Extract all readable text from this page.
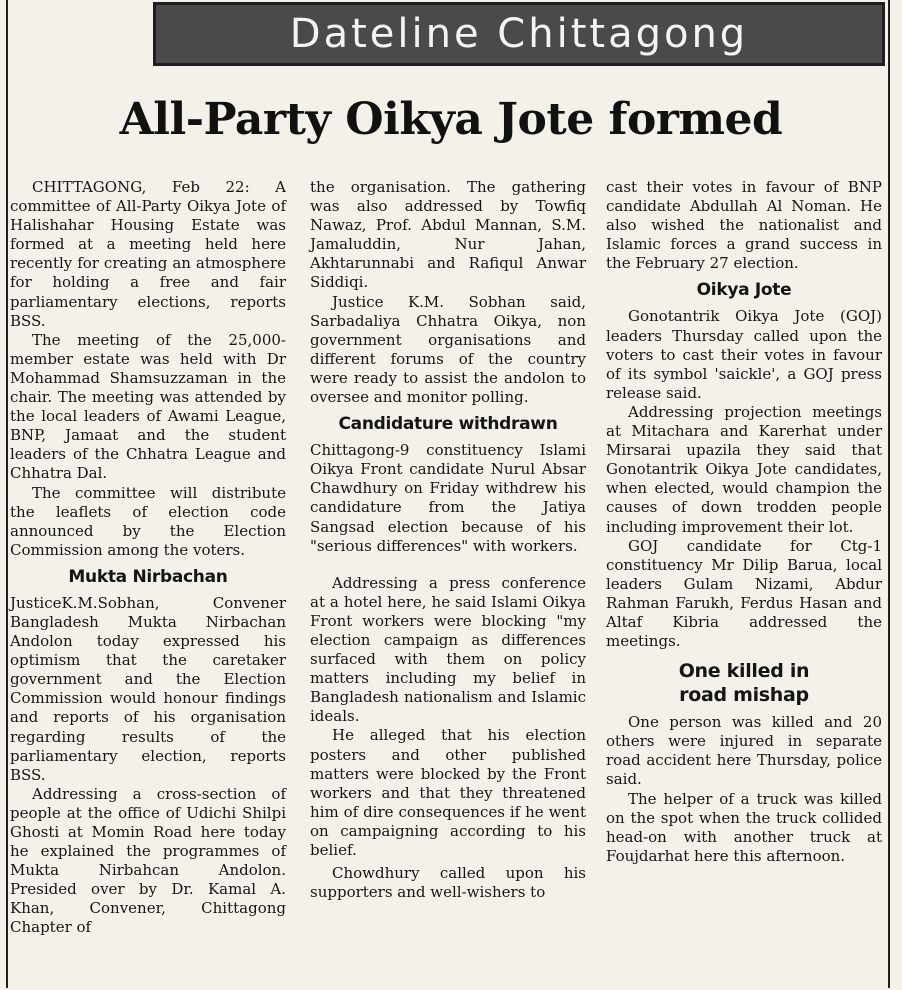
Dateline Chittagong
All-Party Oikya Jote formed

CHITTAGONG, Feb 22: A committee of All-Party Oikya Jote of Halishahar Housing Estate was formed at a meeting held here recently for creating an atmosphere for holding a free and fair parliamentary elections, reports BSS.

The meeting of the 25,000-member estate was held with Dr Mohammad Shamsuzzaman in the chair. The meeting was attended by the local leaders of Awami League, BNP, Jamaat and the student leaders of the Chhatra League and Chhatra Dal.

The committee will distribute the leaflets of election code announced by the Election Commission among the voters.

Mukta Nirbachan

JusticeK.M.Sobhan, Convener Bangladesh Mukta Nirbachan Andolon today expressed his optimism that the caretaker government and the Election Commission would honour findings and reports of his organisation regarding results of the parliamentary election, reports BSS.

Addressing a cross-section of people at the office of Udichi Shilpi Ghosti at Momin Road here today he explained the programmes of Mukta Nirbahcan Andolon. Presided over by Dr. Kamal A. Khan, Convener, Chittagong Chapter of

the organisation. The gathering was also addressed by Towfiq Nawaz, Prof. Abdul Mannan, S.M. Jamaluddin, Nur Jahan, Akhtarunnabi and Rafiqul Anwar Siddiqi.

Justice K.M. Sobhan said, Sarbadaliya Chhatra Oikya, non government organisations and different forums of the country were ready to assist the andolon to oversee and monitor polling.

Candidature withdrawn

Chittagong-9 constituency Islami Oikya Front candidate Nurul Absar Chawdhury on Friday withdrew his candidature from the Jatiya Sangsad election because of his "serious differences" with workers.

Addressing a press conference at a hotel here, he said Islami Oikya Front workers were blocking "my election campaign as differences surfaced with them on policy matters including my belief in Bangladesh nationalism and Islamic ideals.

He alleged that his election posters and other published matters were blocked by the Front workers and that they threatened him of dire consequences if he went on campaigning according to his belief.

Chowdhury called upon his supporters and well-wishers to

cast their votes in favour of BNP candidate Abdullah Al Noman. He also wished the nationalist and Islamic forces a grand success in the February 27 election.

Oikya Jote

Gonotantrik Oikya Jote (GOJ) leaders Thursday called upon the voters to cast their votes in favour of its symbol 'saickle', a GOJ press release said.

Addressing projection meetings at Mitachara and Karerhat under Mirsarai upazila they said that Gonotantrik Oikya Jote candidates, when elected, would champion the causes of down trodden people including improvement their lot.

GOJ candidate for Ctg-1 constituency Mr Dilip Barua, local leaders Gulam Nizami, Abdur Rahman Farukh, Ferdus Hasan and Altaf Kibria addressed the meetings.

One killed in
road mishap

One person was killed and 20 others were injured in separate road accident here Thursday, police said.

The helper of a truck was killed on the spot when the truck collided head-on with another truck at Foujdarhat here this afternoon.
